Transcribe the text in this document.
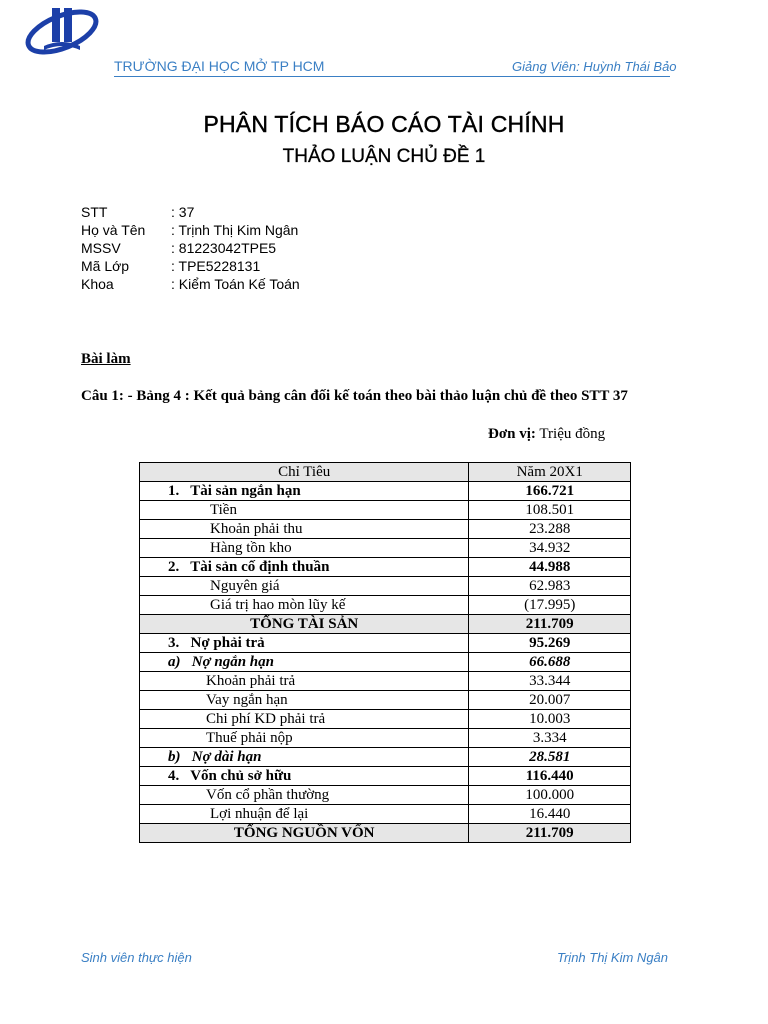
TRƯỜNG ĐẠI HỌC MỞ TP HCM	Giảng Viên: Huỳnh Thái Bảo
PHÂN TÍCH BÁO CÁO TÀI CHÍNH
THẢO LUẬN CHỦ ĐỀ 1
STT	: 37
Họ và Tên	: Trịnh Thị Kim Ngân
MSSV	: 81223042TPE5
Mã Lớp	: TPE5228131
Khoa	: Kiểm Toán Kế Toán
Bài làm
Câu 1: - Bảng 4 : Kết quả bảng cân đối kế toán theo bài thảo luận chủ đề theo STT 37
Đơn vị: Triệu đồng
Chỉ Tiêu	Năm 20X1
1.   Tài sản ngắn hạn	166.721
Tiền	108.501
Khoản phải thu	23.288
Hàng tồn kho	34.932
2.   Tài sản cố định thuần	44.988
Nguyên giá	62.983
Giá trị hao mòn lũy kế	(17.995)
TỔNG TÀI SẢN	211.709
3.   Nợ phải trả	95.269
a)   Nợ ngắn hạn	66.688
Khoản phải trả	33.344
Vay ngắn hạn	20.007
Chi phí KD phải trả	10.003
Thuế phải nộp	3.334
b)   Nợ dài hạn	28.581
4.   Vốn chủ sở hữu	116.440
Vốn cổ phần thường	100.000
Lợi nhuận để lại	16.440
TỔNG NGUỒN VỐN	211.709
Sinh viên thực hiện	Trịnh Thị Kim Ngân
